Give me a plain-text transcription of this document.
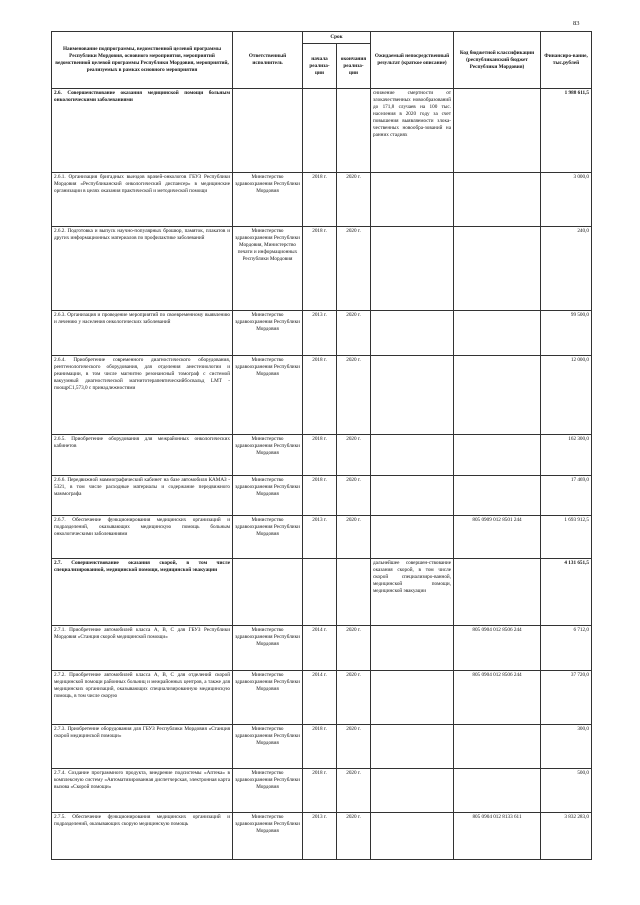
83
Наименование подпрограммы, ведомственной целевой программы Республики Мордовия, основного мероприятия, мероприятий ведомственной целевой программы Республики Мордовия, мероприятий, реализуемых в рамках основного мероприятия	Ответственный исполнитель	Срок		Ожидаемый непосредственный результат (краткое описание)	Код бюджетной классификации (республиканский бюджет Республики Мордовия)	Финансиро-вание, тыс.рублей
		начала реализа-ции	окончания реализа-ции			
2.6. Совершенствование оказания медицинской помощи больным онкологическими заболеваниями				снижение смертности от злокачественных новообразований до 171,8 случаев на 100 тыс. населения в 2020 году за счет повышения выявляемости злока-чественных новообра-зований на ранних стадиях		1 988 611,5
2.6.1. Организация бригадных выездов врачей-онкологов ГБУЗ Республики Мордовия «Республиканский онкологический диспансер» в медицинские организации в целях оказания практической и методической помощи	Министерство здравоохранения Республики Мордовия	2018 г.	2020 г.			3 000,0
2.6.2. Подготовка и выпуск научно-популярных брошюр, памяток, плакатов и других информационных материалов по профилактике заболеваний	Министерство здравоохранения Республики Мордовия, Министерство печати и информационных Республики Мордовия	2018 г.	2020 г.			240,0
2.6.3. Организация и проведение мероприятий по своевременному выявлению и лечению у населения онкологических заболеваний	Министерство здравоохранения Республики Мордовия	2013 г.	2020 г.			99 500,0
2.6.4. Приобретение современного диагностического оборудования, рентгенологического оборудования, для отделения анестезиологии и реанимации, в том числе магнитно резонансный томограф с системой вакуумный диагностической магнитотерапевтическийбосвальд LMT - поощрC1,573,0 с принадлежностями	Министерство здравоохранения Республики Мордовия	2018 г.	2020 г.			12 000,0
2.6.5. Приобретение оборудования для межрайонных онкологических кабинетов	Министерство здравоохранения Республики Мордовия	2018 г.	2020 г.			162 300,0
2.6.6. Передвижной маммографический кабинет на базе автомобиля КАМАЗ - 5321, в том числе расходные материалы и содержание передвижного маммографа	Министерство здравоохранения Республики Мордовия	2018 г.	2020 г.			17 469,0
2.6.7. Обеспечение функционирования медицинских организаций и подразделений, оказывающих медицинскую помощь больным онкологическими заболеваниями	Министерство здравоохранения Республики Мордовия	2013 г.	2020 г.		805 0909 012 8501 244	1 693 912,5
2.7. Совершенствование оказания скорой, в том числе специализированной, медицинской помощи, медицинской эвакуации				дальнейшее совершен-ствование оказания скорой, в том числе скорой специализиро-ванной, медицинской помощи, медицинской эвакуации		4 131 651,5
2.7.1. Приобретение автомобилей класса А, В, С для ГБУЗ Республики Мордовия «Станция скорой медицинской помощи»	Министерство здравоохранения Республики Мордовия	2014 г.	2020 г.		805 0904 012 8506 244	6 712,0
2.7.2. Приобретение автомобилей класса А, В, С для отделений скорой медицинской помощи районных больниц и межрайонных центров, а также для медицинских организаций, оказывающих специализированную медицинскую помощь, в том числе скорую	Министерство здравоохранения Республики Мордовия	2014 г.	2020 г.		805 0904 012 8506 244	37 720,0
2.7.3. Приобретение оборудования для ГБУЗ Республики Мордовия «Станция скорой медицинской помощи»	Министерство здравоохранения Республики Мордовия	2018 г.	2020 г.			300,0
2.7.4. Создание программного продукта, внедрение подсистемы «Аптека» в комплексную систему «Автоматизированная диспетчерская, электронная карта вызова «Скорой помощи»	Министерство здравоохранения Республики Мордовия	2018 г.	2020 г.			500,0
2.7.5. Обеспечение функционирования медицинских организаций и подразделений, оказывающих скорую медицинскую помощь	Министерство здравоохранения Республики Мордовия	2013 г.	2020 г.		805 0904 012 8133 611	3 832 283,0
